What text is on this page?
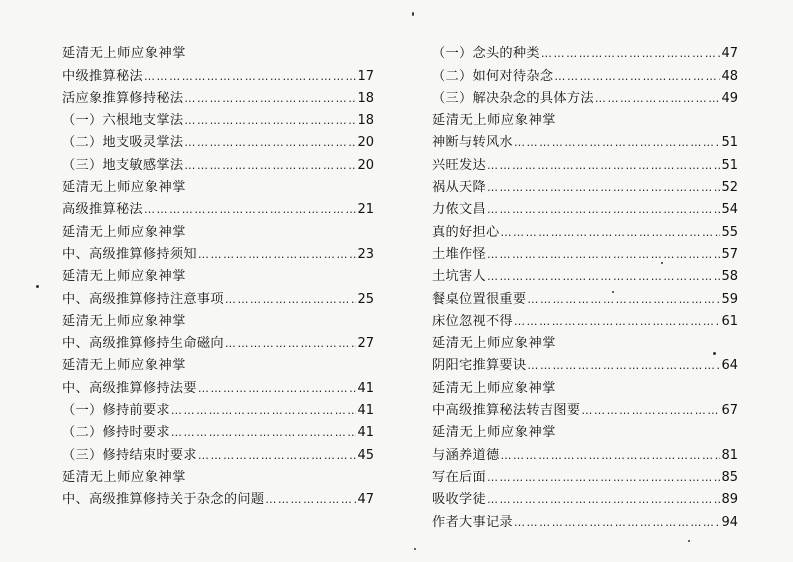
延清无上师应象神掌
中级推算秘法 ……………………………………………………………………………………………………………………………………	17
活应象推算修持秘法 ……………………………………………………………………………………………………………………………………	18
（一）六根地支掌法 ……………………………………………………………………………………………………………………………………	18
（二）地支吸灵掌法 ……………………………………………………………………………………………………………………………………	20
（三）地支敏感掌法 ……………………………………………………………………………………………………………………………………	20
延清无上师应象神掌
高级推算秘法 ……………………………………………………………………………………………………………………………………	21
延清无上师应象神掌
中、高级推算修持须知 ……………………………………………………………………………………………………………………………………	23
延清无上师应象神掌
中、高级推算修持注意事项 ……………………………………………………………………………………………………………………………………	25
延清无上师应象神掌
中、高级推算修持生命磁向 ……………………………………………………………………………………………………………………………………	27
延清无上师应象神掌
中、高级推算修持法要 ……………………………………………………………………………………………………………………………………	41
（一）修持前要求 ……………………………………………………………………………………………………………………………………	41
（二）修持时要求 ……………………………………………………………………………………………………………………………………	41
（三）修持结束时要求 ……………………………………………………………………………………………………………………………………	45
延清无上师应象神掌
中、高级推算修持关于杂念的问题 ……………………………………………………………………………………………………………………………………	47
（一）念头的种类 ……………………………………………………………………………………………………………………………………	47
（二）如何对待杂念 ……………………………………………………………………………………………………………………………………	48
（三）解决杂念的具体方法 ……………………………………………………………………………………………………………………………………	49
延清无上师应象神掌
神断与转风水 ……………………………………………………………………………………………………………………………………	51
兴旺发达 ……………………………………………………………………………………………………………………………………	51
祸从天降 ……………………………………………………………………………………………………………………………………	52
力侬文昌 ……………………………………………………………………………………………………………………………………	54
真的好担心 ……………………………………………………………………………………………………………………………………	55
土堆作怪 ……………………………………………………………………………………………………………………………………	57
土坑害人 ……………………………………………………………………………………………………………………………………	58
餐桌位置很重要 ……………………………………………………………………………………………………………………………………	59
床位忽视不得 ……………………………………………………………………………………………………………………………………	61
延清无上师应象神掌
阴阳宅推算要诀 ……………………………………………………………………………………………………………………………………	64
延清无上师应象神掌
中高级推算秘法转吉图要 ……………………………………………………………………………………………………………………………………	67
延清无上师应象神掌
与涵养道德 ……………………………………………………………………………………………………………………………………	81
写在后面 ……………………………………………………………………………………………………………………………………	85
吸收学徒 ……………………………………………………………………………………………………………………………………	89
作者大事记录 ……………………………………………………………………………………………………………………………………	94
